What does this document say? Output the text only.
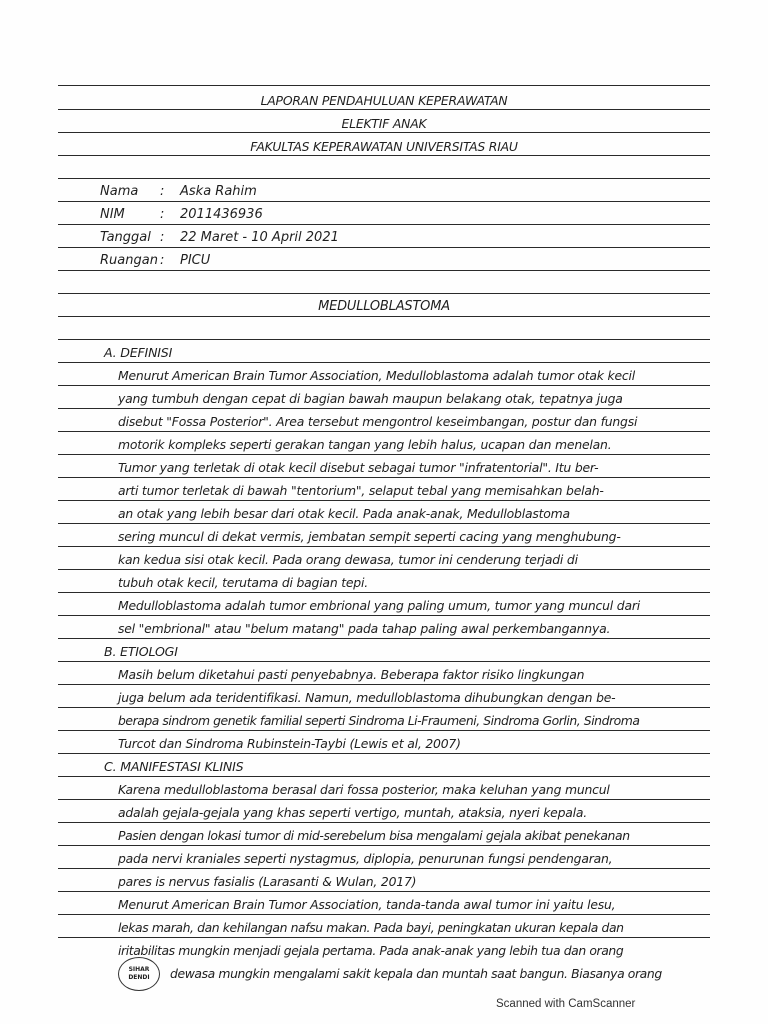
LAPORAN PENDAHULUAN KEPERAWATAN
ELEKTIF ANAK
FAKULTAS KEPERAWATAN UNIVERSITAS RIAU
Nama : Aska Rahim
NIM	: 2011436936
Tanggal : 22 Maret - 10 April 2021
Ruangan : PICU
MEDULLOBLASTOMA
A. DEFINISI
Menurut American Brain Tumor Association, Medulloblastoma adalah tumor otak kecil
yang tumbuh dengan cepat di bagian bawah maupun belakang otak, tepatnya juga
disebut "Fossa Posterior". Area tersebut mengontrol keseimbangan, postur dan fungsi
motorik kompleks seperti gerakan tangan yang lebih halus, ucapan dan menelan.
Tumor yang terletak di otak kecil disebut sebagai tumor "infratentorial". Itu ber-
arti tumor terletak di bawah "tentorium", selaput tebal yang memisahkan belah-
an otak yang lebih besar dari otak kecil. Pada anak-anak, Medulloblastoma
sering muncul di dekat vermis, jembatan sempit seperti cacing yang menghubung-
kan kedua sisi otak kecil. Pada orang dewasa, tumor ini cenderung terjadi di
tubuh otak kecil, terutama di bagian tepi.
Medulloblastoma adalah tumor embrional yang paling umum, tumor yang muncul dari
sel "embrional" atau "belum matang" pada tahap paling awal perkembangannya.
B. ETIOLOGI
Masih belum diketahui pasti penyebabnya. Beberapa faktor risiko lingkungan
juga belum ada teridentifikasi. Namun, medulloblastoma dihubungkan dengan be-
berapa sindrom genetik familial seperti Sindroma Li-Fraumeni, Sindroma Gorlin, Sindroma
Turcot dan Sindroma Rubinstein-Taybi (Lewis et al, 2007)
C. MANIFESTASI KLINIS
Karena medulloblastoma berasal dari fossa posterior, maka keluhan yang muncul
adalah gejala-gejala yang khas seperti vertigo, muntah, ataksia, nyeri kepala.
Pasien dengan lokasi tumor di mid-serebelum bisa mengalami gejala akibat penekanan
pada nervi kraniales seperti nystagmus, diplopia, penurunan fungsi pendengaran,
pares is nervus fasialis (Larasanti & Wulan, 2017)
Menurut American Brain Tumor Association, tanda-tanda awal tumor ini yaitu lesu,
lekas marah, dan kehilangan nafsu makan. Pada bayi, peningkatan ukuran kepala dan
iritabilitas mungkin menjadi gejala pertama. Pada anak-anak yang lebih tua dan orang
dewasa mungkin mengalami sakit kepala dan muntah saat bangun. Biasanya orang
SIHAR
DENDI
Scanned with CamScanner
